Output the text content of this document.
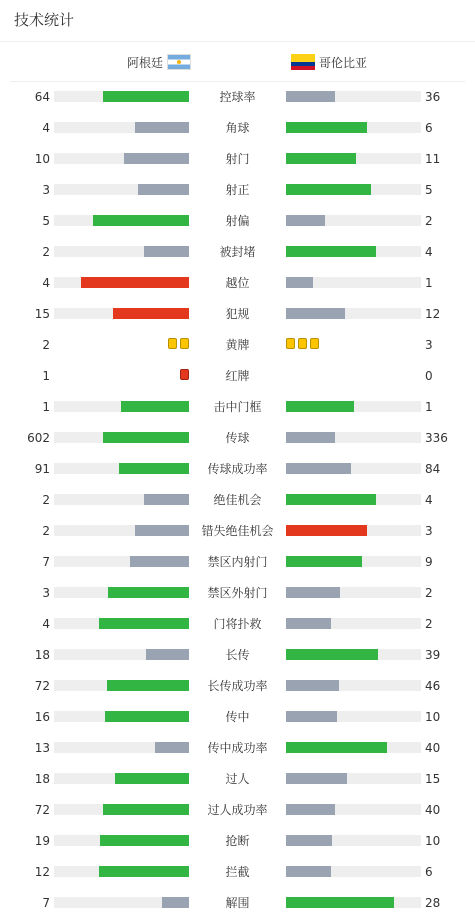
技术统计
阿根廷	哥伦比亚
64	控球率	36
4	角球	6
10	射门	11
3	射正	5
5	射偏	2
2	被封堵	4
4	越位	1
15	犯规	12
2	黄牌	3
1	红牌	0
1	击中门框	1
602	传球	336
91	传球成功率	84
2	绝佳机会	4
2	错失绝佳机会	3
7	禁区内射门	9
3	禁区外射门	2
4	门将扑救	2
18	长传	39
72	长传成功率	46
16	传中	10
13	传中成功率	40
18	过人	15
72	过人成功率	40
19	抢断	10
12	拦截	6
7	解围	28
